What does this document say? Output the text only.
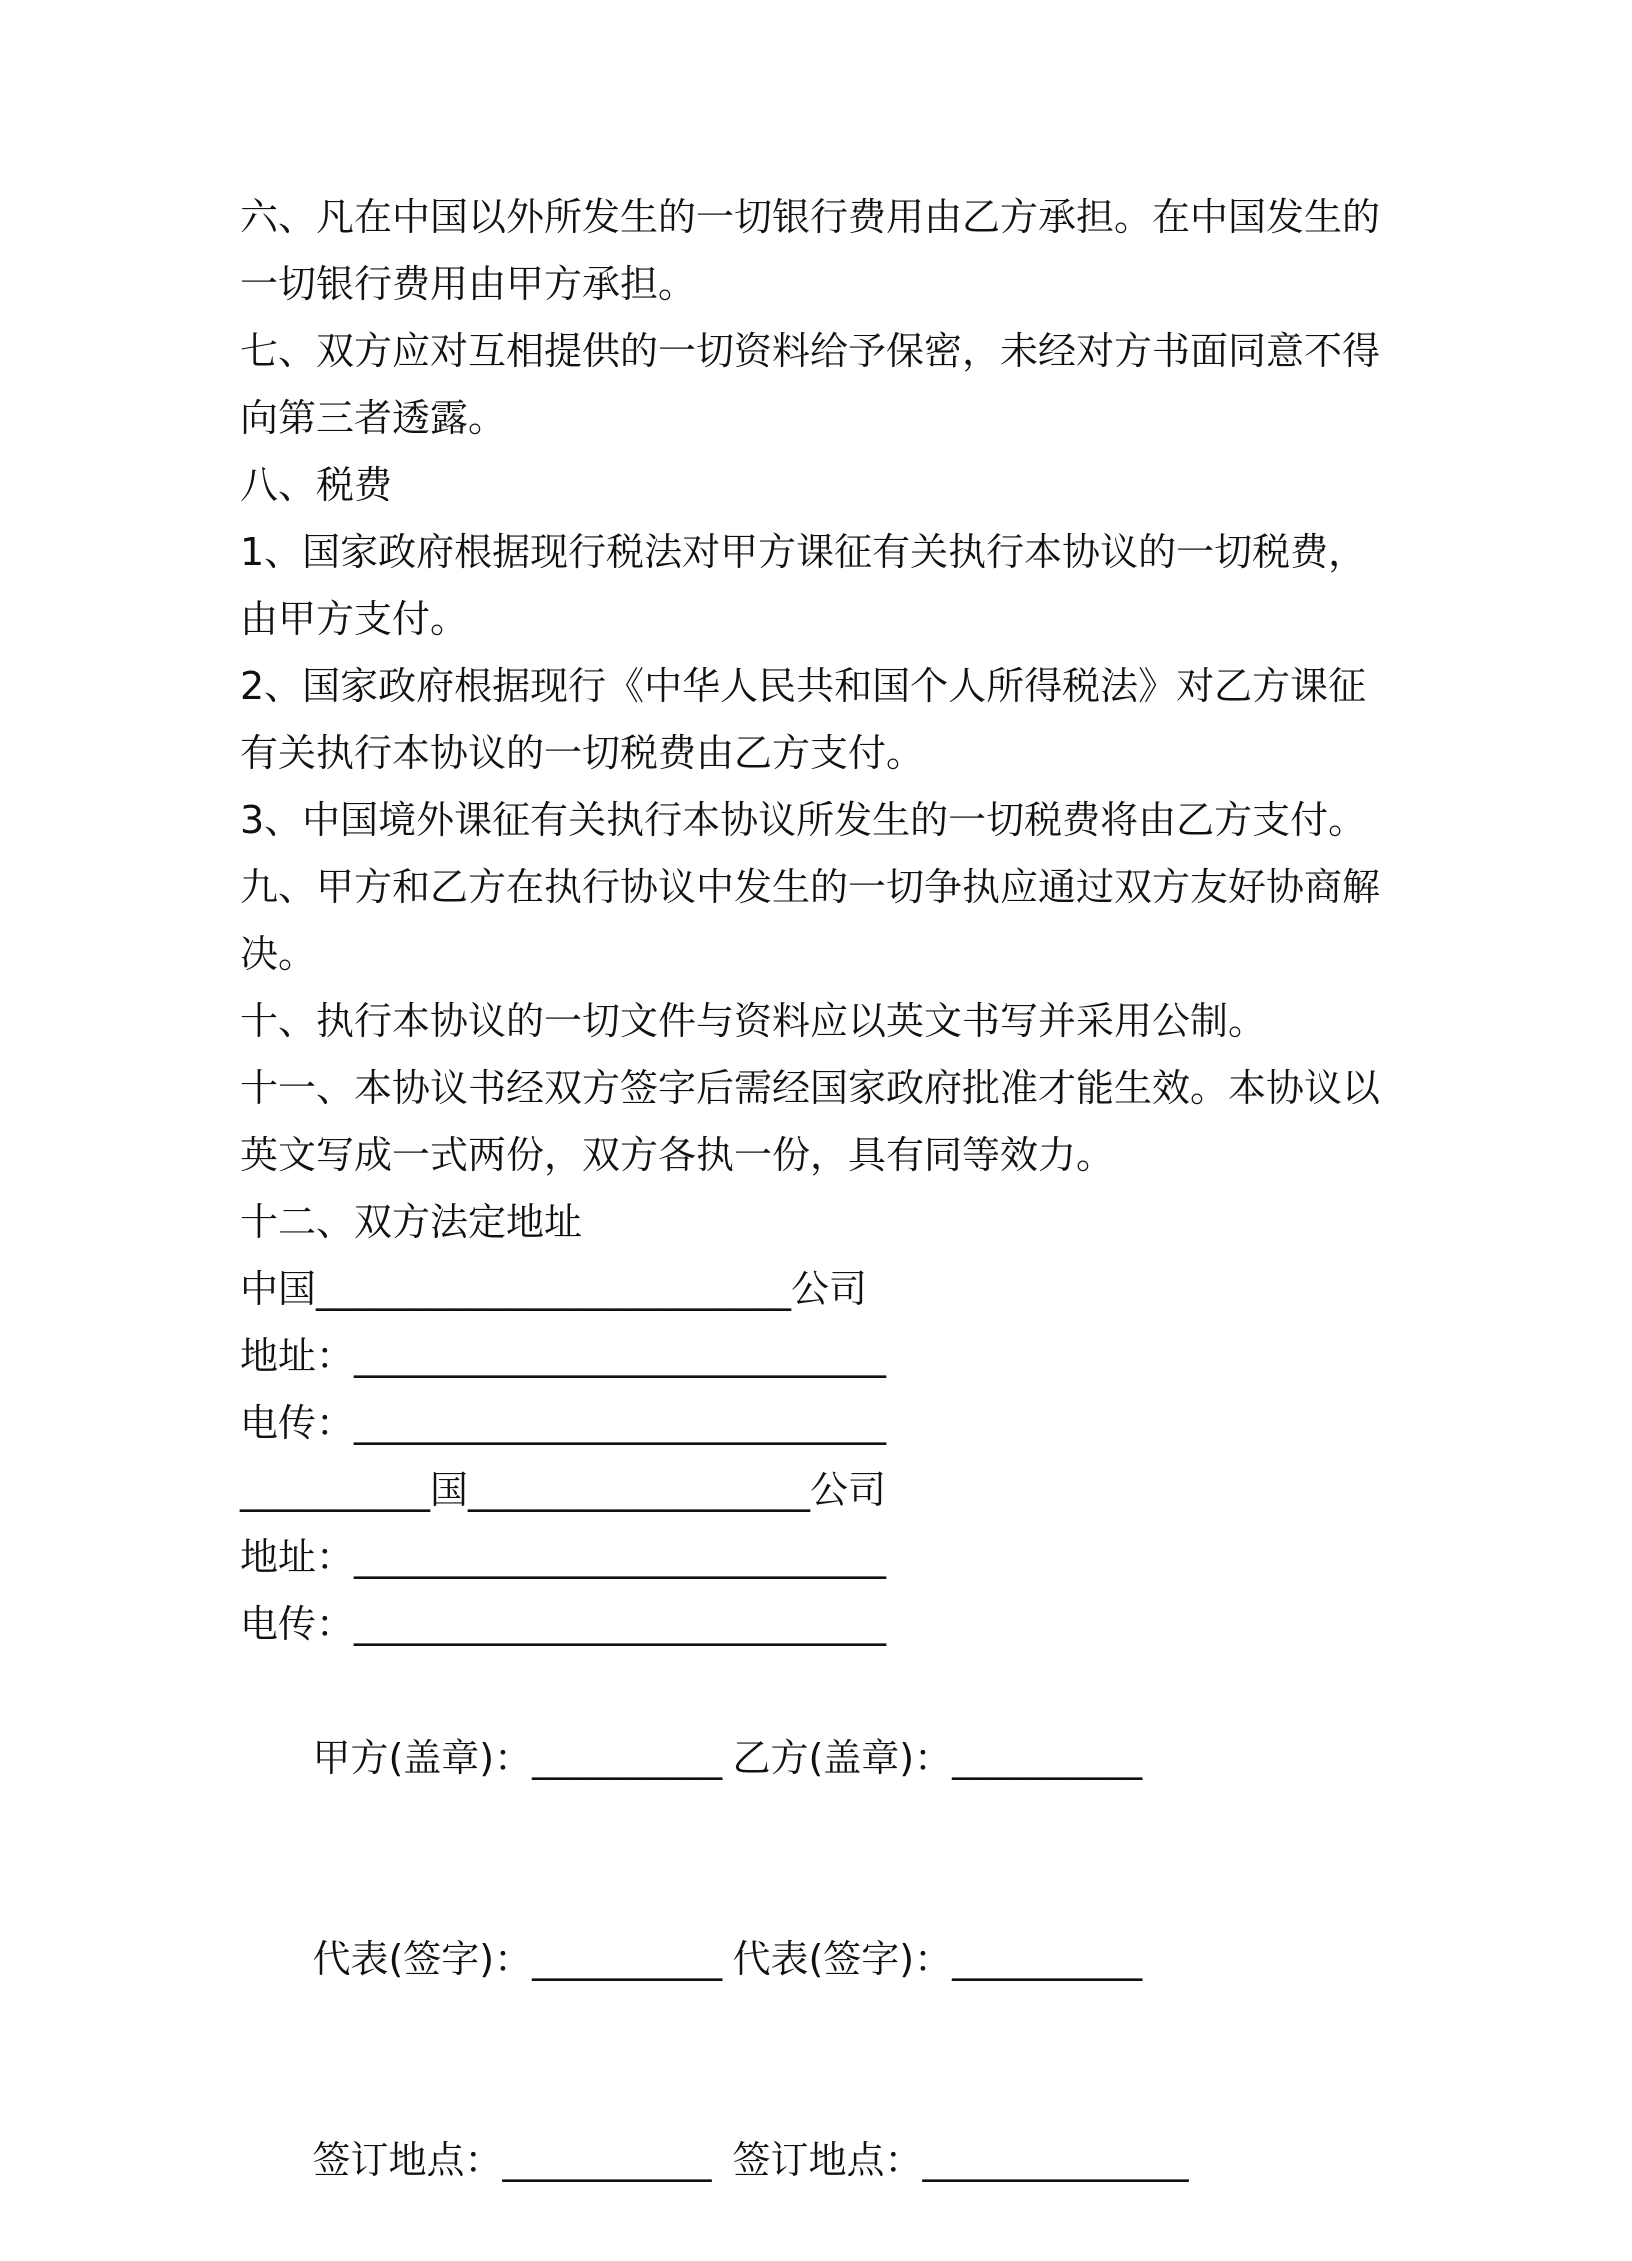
六、凡在中国以外所发生的一切银行费用由乙方承担。在中国发生的一切银行费用由甲方承担。

七、双方应对互相提供的一切资料给予保密，未经对方书面同意不得向第三者透露。

八、税费

1、国家政府根据现行税法对甲方课征有关执行本协议的一切税费，由甲方支付。

2、国家政府根据现行《中华人民共和国个人所得税法》对乙方课征有关执行本协议的一切税费由乙方支付。

3、中国境外课征有关执行本协议所发生的一切税费将由乙方支付。

九、甲方和乙方在执行协议中发生的一切争执应通过双方友好协商解决。

十、执行本协议的一切文件与资料应以英文书写并采用公制。

十一、本协议书经双方签字后需经国家政府批准才能生效。本协议以英文写成一式两份，双方各执一份，具有同等效力。

十二、双方法定地址

中国_________________________公司
地址：____________________________
电传：____________________________
__________国__________________公司
地址：____________________________
电传：____________________________

甲方(盖章)：__________ 乙方(盖章)：__________

代表(签字)：__________ 代表(签字)：__________

签订地点：___________ 签订地点：______________
